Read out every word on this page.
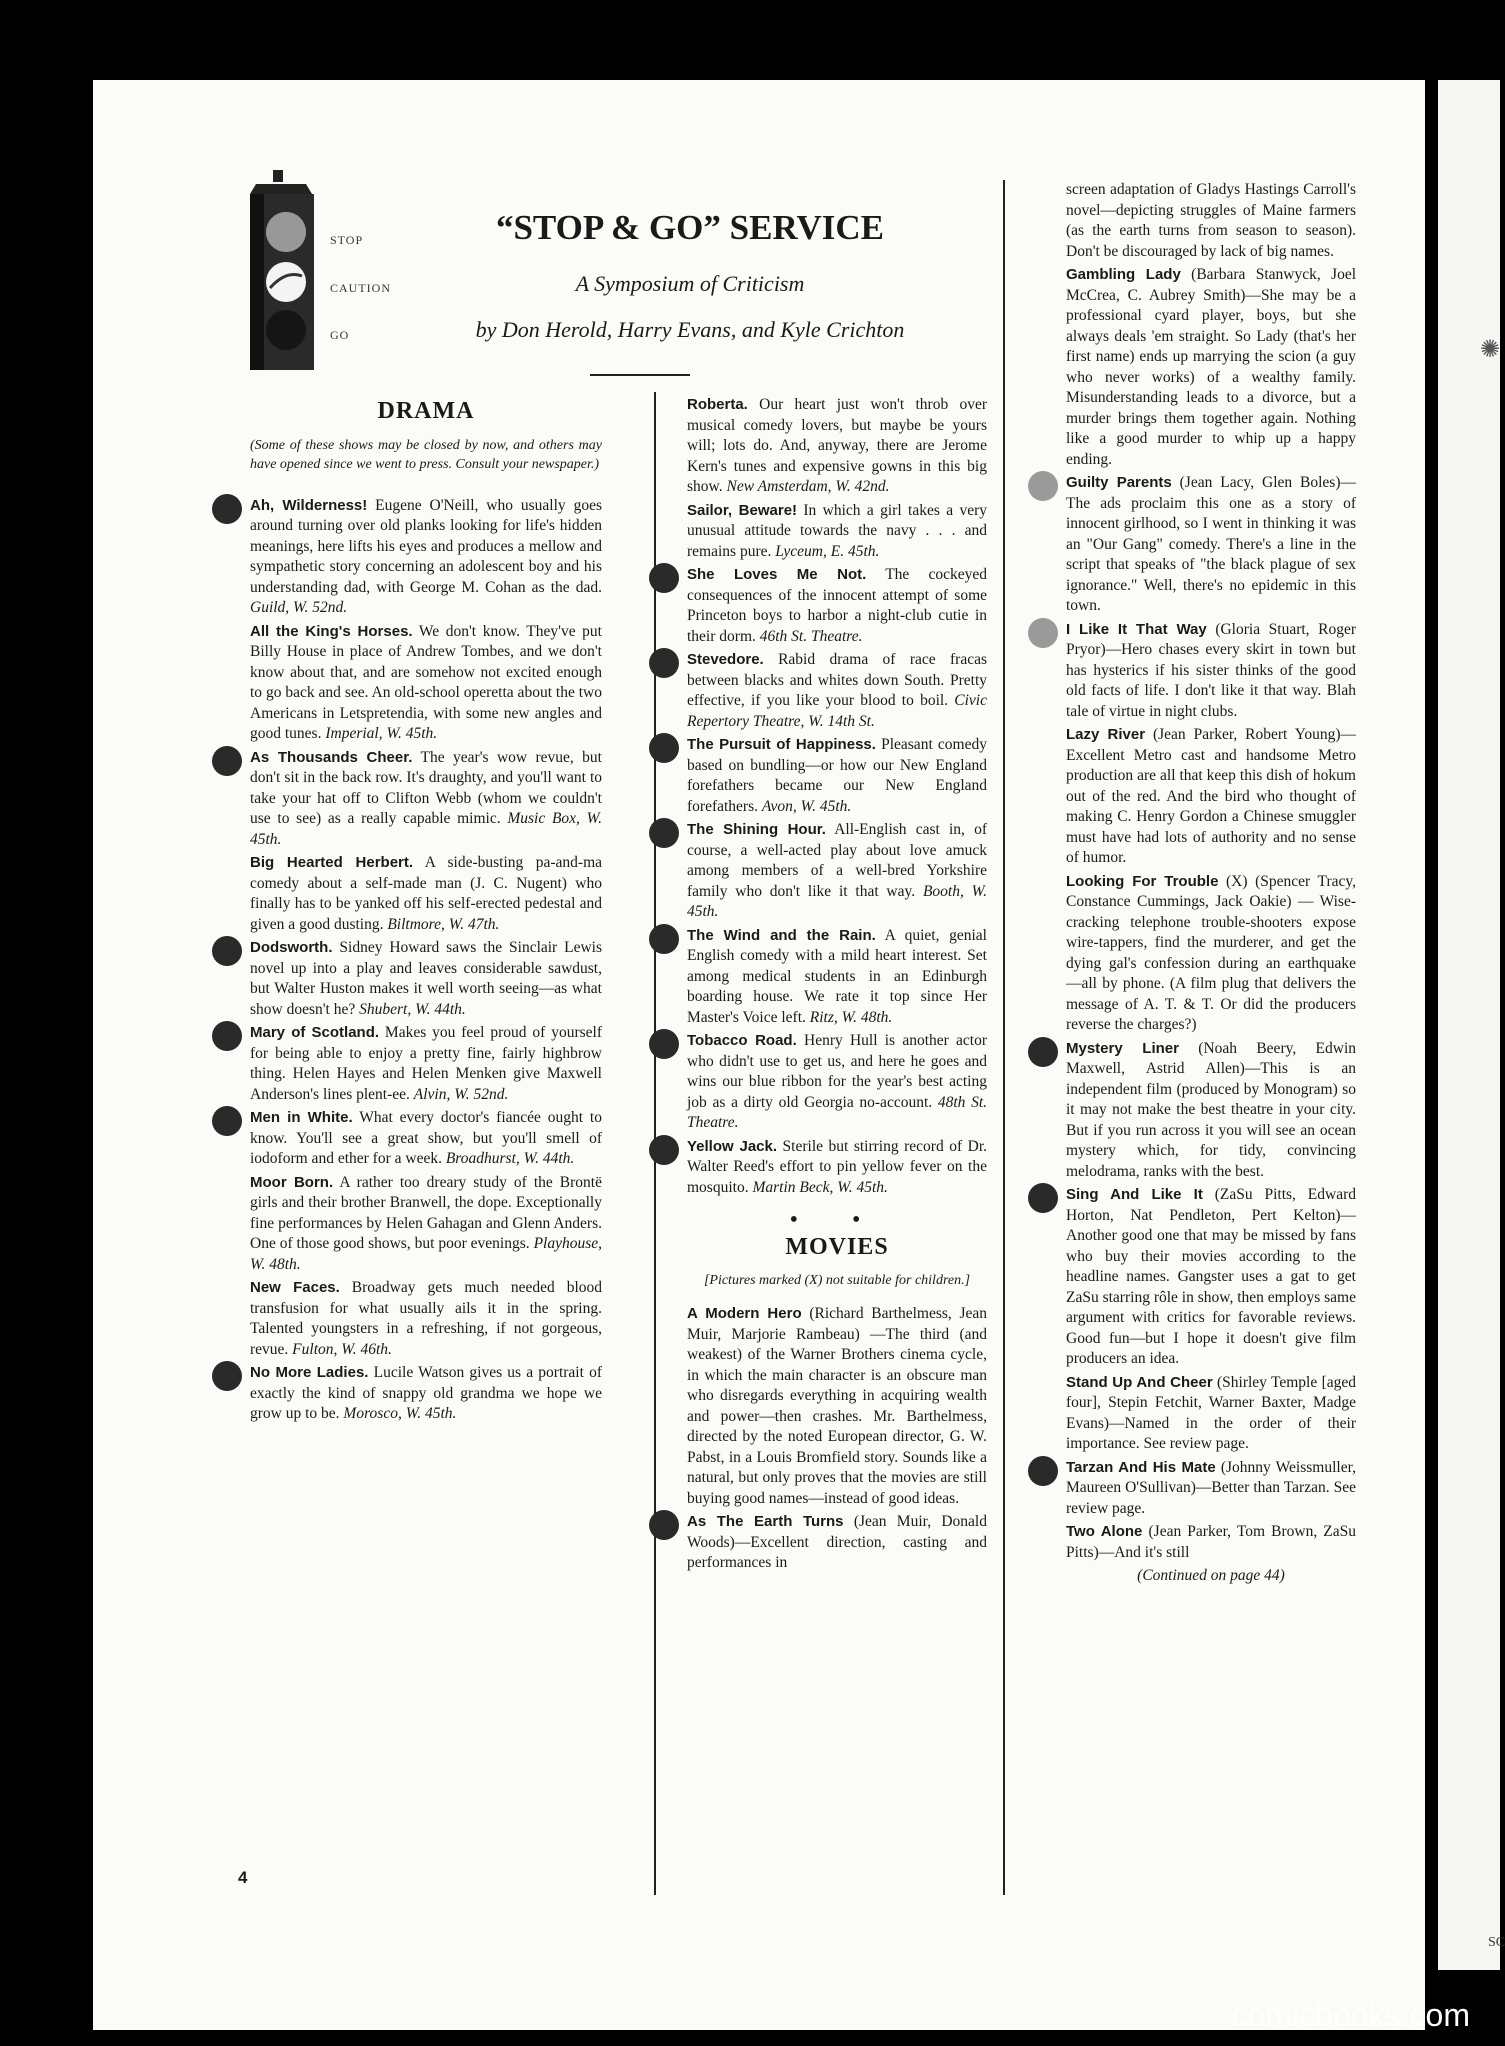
✺
SC
STOP
CAUTION
GO
“STOP & GO” SERVICE
A Symposium of Criticism
by Don Herold, Harry Evans, and Kyle Crichton
DRAMA
(Some of these shows may be closed by now, and others may have opened since we went to press. Consult your newspaper.)
Ah, Wilderness! Eugene O'Neill, who usually goes around turning over old planks looking for life's hidden meanings, here lifts his eyes and produces a mellow and sympathetic story concerning an adolescent boy and his understanding dad, with George M. Cohan as the dad. Guild, W. 52nd.
All the King's Horses. We don't know. They've put Billy House in place of Andrew Tombes, and we don't know about that, and are somehow not excited enough to go back and see. An old-school operetta about the two Americans in Letspretendia, with some new angles and good tunes. Imperial, W. 45th.
As Thousands Cheer. The year's wow revue, but don't sit in the back row. It's draughty, and you'll want to take your hat off to Clifton Webb (whom we couldn't use to see) as a really capable mimic. Music Box, W. 45th.
Big Hearted Herbert. A side-busting pa-and-ma comedy about a self-made man (J. C. Nugent) who finally has to be yanked off his self-erected pedestal and given a good dusting. Biltmore, W. 47th.
Dodsworth. Sidney Howard saws the Sinclair Lewis novel up into a play and leaves considerable sawdust, but Walter Huston makes it well worth seeing—as what show doesn't he? Shubert, W. 44th.
Mary of Scotland. Makes you feel proud of yourself for being able to enjoy a pretty fine, fairly highbrow thing. Helen Hayes and Helen Menken give Maxwell Anderson's lines plent-ee. Alvin, W. 52nd.
Men in White. What every doctor's fiancée ought to know. You'll see a great show, but you'll smell of iodoform and ether for a week. Broadhurst, W. 44th.
Moor Born. A rather too dreary study of the Brontë girls and their brother Branwell, the dope. Exceptionally fine performances by Helen Gahagan and Glenn Anders. One of those good shows, but poor evenings. Playhouse, W. 48th.
New Faces. Broadway gets much needed blood transfusion for what usually ails it in the spring. Talented youngsters in a refreshing, if not gorgeous, revue. Fulton, W. 46th.
No More Ladies. Lucile Watson gives us a portrait of exactly the kind of snappy old grandma we hope we grow up to be. Morosco, W. 45th.
Roberta. Our heart just won't throb over musical comedy lovers, but maybe be yours will; lots do. And, anyway, there are Jerome Kern's tunes and expensive gowns in this big show. New Amsterdam, W. 42nd.
Sailor, Beware! In which a girl takes a very unusual attitude towards the navy . . . and remains pure. Lyceum, E. 45th.
She Loves Me Not. The cockeyed consequences of the innocent attempt of some Princeton boys to harbor a night-club cutie in their dorm. 46th St. Theatre.
Stevedore. Rabid drama of race fracas between blacks and whites down South. Pretty effective, if you like your blood to boil. Civic Repertory Theatre, W. 14th St.
The Pursuit of Happiness. Pleasant comedy based on bundling—or how our New England forefathers became our New England forefathers. Avon, W. 45th.
The Shining Hour. All-English cast in, of course, a well-acted play about love amuck among members of a well-bred Yorkshire family who don't like it that way. Booth, W. 45th.
The Wind and the Rain. A quiet, genial English comedy with a mild heart interest. Set among medical students in an Edinburgh boarding house. We rate it top since Her Master's Voice left. Ritz, W. 48th.
Tobacco Road. Henry Hull is another actor who didn't use to get us, and here he goes and wins our blue ribbon for the year's best acting job as a dirty old Georgia no-account. 48th St. Theatre.
Yellow Jack. Sterile but stirring record of Dr. Walter Reed's effort to pin yellow fever on the mosquito. Martin Beck, W. 45th.
• •
MOVIES
[Pictures marked (X) not suitable for children.]
A Modern Hero (Richard Barthelmess, Jean Muir, Marjorie Rambeau) —The third (and weakest) of the Warner Brothers cinema cycle, in which the main character is an obscure man who disregards everything in acquiring wealth and power—then crashes. Mr. Barthelmess, directed by the noted European director, G. W. Pabst, in a Louis Bromfield story. Sounds like a natural, but only proves that the movies are still buying good names—instead of good ideas.
As The Earth Turns (Jean Muir, Donald Woods)—Excellent direction, casting and performances in
screen adaptation of Gladys Hastings Carroll's novel—depicting struggles of Maine farmers (as the earth turns from season to season). Don't be discouraged by lack of big names.
Gambling Lady (Barbara Stanwyck, Joel McCrea, C. Aubrey Smith)—She may be a professional cyard player, boys, but she always deals 'em straight. So Lady (that's her first name) ends up marrying the scion (a guy who never works) of a wealthy family. Misunderstanding leads to a divorce, but a murder brings them together again. Nothing like a good murder to whip up a happy ending.
Guilty Parents (Jean Lacy, Glen Boles)—The ads proclaim this one as a story of innocent girlhood, so I went in thinking it was an "Our Gang" comedy. There's a line in the script that speaks of "the black plague of sex ignorance." Well, there's no epidemic in this town.
I Like It That Way (Gloria Stuart, Roger Pryor)—Hero chases every skirt in town but has hysterics if his sister thinks of the good old facts of life. I don't like it that way. Blah tale of virtue in night clubs.
Lazy River (Jean Parker, Robert Young)—Excellent Metro cast and handsome Metro production are all that keep this dish of hokum out of the red. And the bird who thought of making C. Henry Gordon a Chinese smuggler must have had lots of authority and no sense of humor.
Looking For Trouble (X) (Spencer Tracy, Constance Cummings, Jack Oakie) — Wise-cracking telephone trouble-shooters expose wire-tappers, find the murderer, and get the dying gal's confession during an earthquake —all by phone. (A film plug that delivers the message of A. T. & T. Or did the producers reverse the charges?)
Mystery Liner (Noah Beery, Edwin Maxwell, Astrid Allen)—This is an independent film (produced by Monogram) so it may not make the best theatre in your city. But if you run across it you will see an ocean mystery which, for tidy, convincing melodrama, ranks with the best.
Sing And Like It (ZaSu Pitts, Edward Horton, Nat Pendleton, Pert Kelton)—Another good one that may be missed by fans who buy their movies according to the headline names. Gangster uses a gat to get ZaSu starring rôle in show, then employs same argument with critics for favorable reviews. Good fun—but I hope it doesn't give film producers an idea.
Stand Up And Cheer (Shirley Temple [aged four], Stepin Fetchit, Warner Baxter, Madge Evans)—Named in the order of their importance. See review page.
Tarzan And His Mate (Johnny Weissmuller, Maureen O'Sullivan)—Better than Tarzan. See review page.
Two Alone (Jean Parker, Tom Brown, ZaSu Pitts)—And it's still
(Continued on page 44)
4
comicbooks.com
